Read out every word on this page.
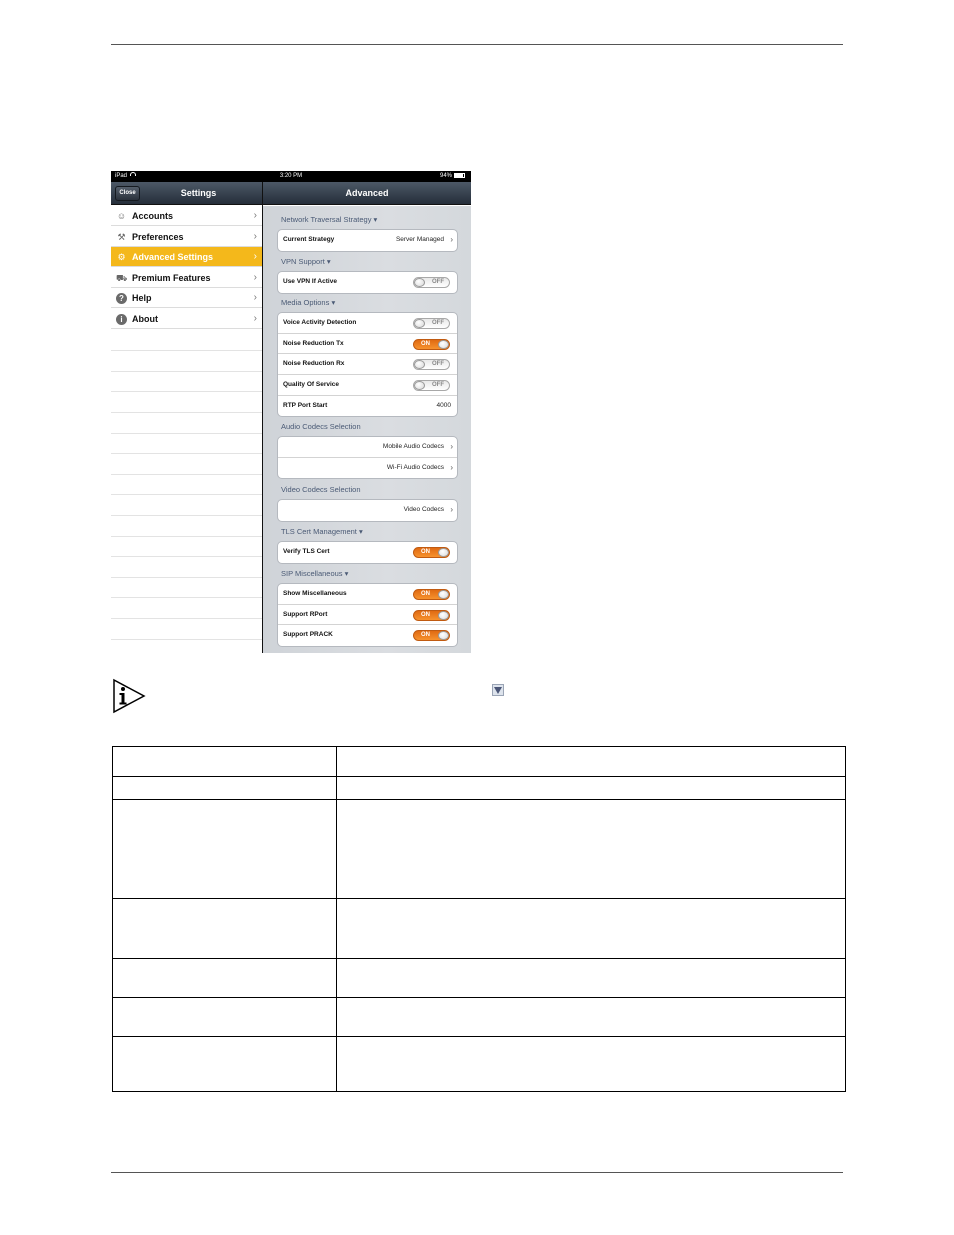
iPad	3:20 PM	94%
Close	Settings	Advanced
☺ Accounts	›
⚒ Preferences	›
⚙ Advanced Settings	›
⛟ Premium Features	›
? Help	›
i	About	›
Network Traversal Strategy ▾
Current Strategy	Server Managed ›
VPN Support ▾
Use VPN If Active	OFF
Media Options ▾
Voice Activity Detection	OFF
Noise Reduction Tx	ON
Noise Reduction Rx	OFF
Quality Of Service	OFF
RTP Port Start	4000
Audio Codecs Selection
Mobile Audio Codecs ›
Wi-Fi Audio Codecs ›
Video Codecs Selection
Video Codecs ›
TLS Cert Management ▾
Verify TLS Cert	ON
SIP Miscellaneous ▾
Show Miscellaneous	ON
Support RPort	ON
Support PRACK	ON
